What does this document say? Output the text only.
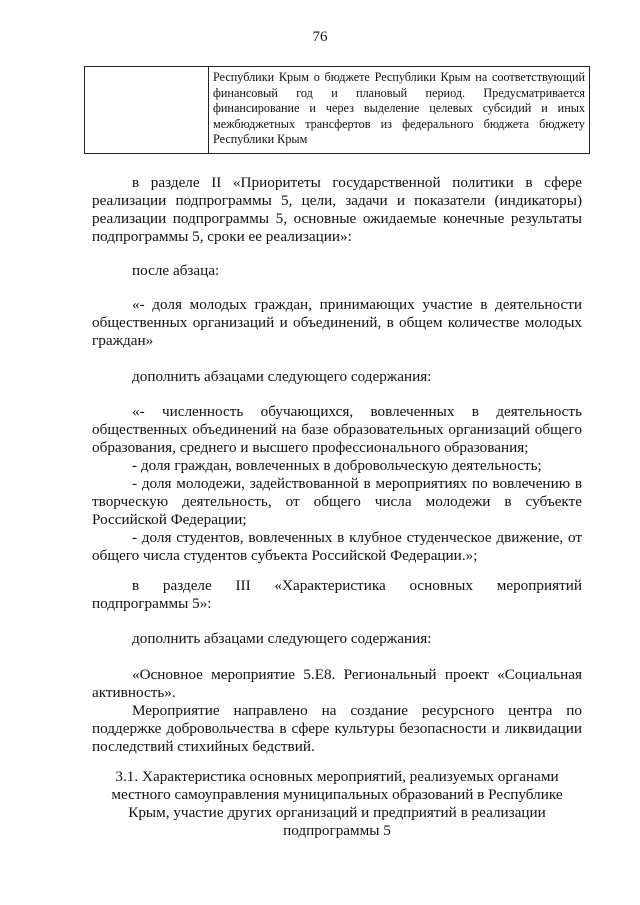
76
Республики Крым о бюджете Республики Крым на соответствующий финансовый год и плановый период. Предусматривается финансирование и через выделение целевых субсидий и иных межбюджетных трансфертов из федерального бюджета бюджету Республики Крым
в разделе II «Приоритеты государственной политики в сфере реализации подпрограммы 5, цели, задачи и показатели (индикаторы) реализации подпрограммы 5, основные ожидаемые конечные результаты подпрограммы 5, сроки ее реализации»:
после абзаца:
«- доля молодых граждан, принимающих участие в деятельности общественных организаций и объединений, в общем количестве молодых граждан»
дополнить абзацами следующего содержания:
«- численность обучающихся, вовлеченных в деятельность общественных объединений на базе образовательных организаций общего образования, среднего и высшего профессионального образования;
- доля граждан, вовлеченных в добровольческую деятельность;
- доля молодежи, задействованной в мероприятиях по вовлечению в творческую деятельность, от общего числа молодежи в субъекте Российской Федерации;
- доля студентов, вовлеченных в клубное студенческое движение, от общего числа студентов субъекта Российской Федерации.»;
в разделе III «Характеристика основных мероприятий подпрограммы 5»:
дополнить абзацами следующего содержания:
«Основное мероприятие 5.Е8. Региональный проект «Социальная активность».
Мероприятие направлено на создание ресурсного центра по поддержке добровольчества в сфере культуры безопасности и ликвидации последствий стихийных бедствий.
3.1. Характеристика основных мероприятий, реализуемых органами местного самоуправления муниципальных образований в Республике Крым, участие других организаций и предприятий в реализации подпрограммы 5
